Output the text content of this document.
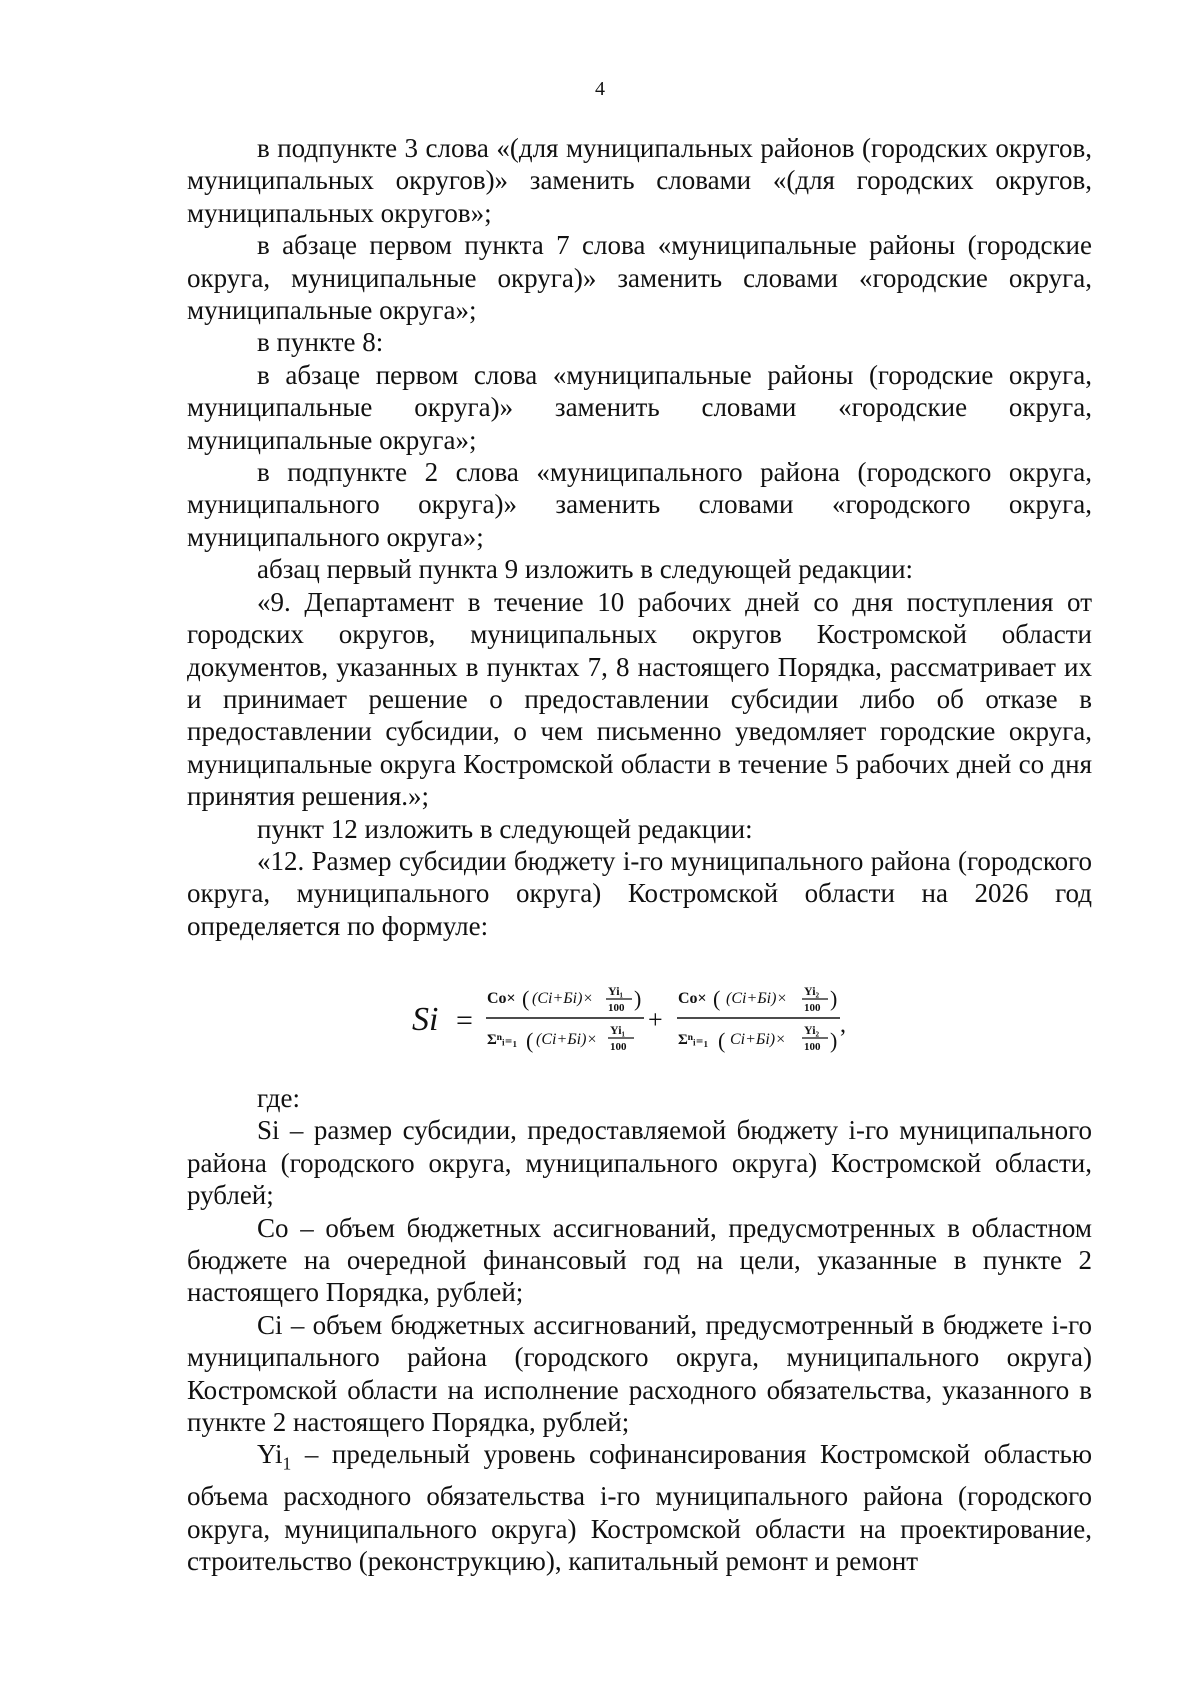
4

в подпункте 3 слова «(для муниципальных районов (городских округов, муниципальных округов)» заменить словами «(для городских округов, муниципальных округов»;

в абзаце первом пункта 7 слова «муниципальные районы (городские округа, муниципальные округа)» заменить словами «городские округа, муниципальные округа»;

в пункте 8:

в абзаце первом слова «муниципальные районы (городские округа, муниципальные округа)» заменить словами «городские округа, муниципальные округа»;

в подпункте 2 слова «муниципального района (городского округа, муниципального округа)» заменить словами «городского округа, муниципального округа»;

абзац первый пункта 9 изложить в следующей редакции:

«9. Департамент в течение 10 рабочих дней со дня поступления от городских округов, муниципальных округов Костромской области документов, указанных в пунктах 7, 8 настоящего Порядка, рассматривает их и принимает решение о предоставлении субсидии либо об отказе в предоставлении субсидии, о чем письменно уведомляет городские округа, муниципальные округа Костромской области в течение 5 рабочих дней со дня принятия решения.»;

пункт 12 изложить в следующей редакции:

«12. Размер субсидии бюджету i-го муниципального района (городского округа, муниципального округа) Костромской области на 2026 год определяется по формуле:

Si =
Co× ( (Ci+Бi)× Yi₁
100 )
Σⁿᵢ₌₁ ( (Ci+Бi)×
Yi₁
100
+
Co× ( (Ci+Бi)× Yi₂
100 )
Σⁿᵢ₌₁ ( Ci+Бi)×
Yi₂
100 )
,

где:

Si – размер субсидии, предоставляемой бюджету i-го муниципального района (городского округа, муниципального округа) Костромской области, рублей;

Co – объем бюджетных ассигнований, предусмотренных в областном бюджете на очередной финансовый год на цели, указанные в пункте 2 настоящего Порядка, рублей;

Ci – объем бюджетных ассигнований, предусмотренный в бюджете i-го муниципального района (городского округа, муниципального округа) Костромской области на исполнение расходного обязательства, указанного в пункте 2 настоящего Порядка, рублей;

$Yi_1$ – предельный уровень софинансирования Костромской областью объема расходного обязательства i-го муниципального района (городского округа, муниципального округа) Костромской области на проектирование, строительство (реконструкцию), капитальный ремонт и ремонт
